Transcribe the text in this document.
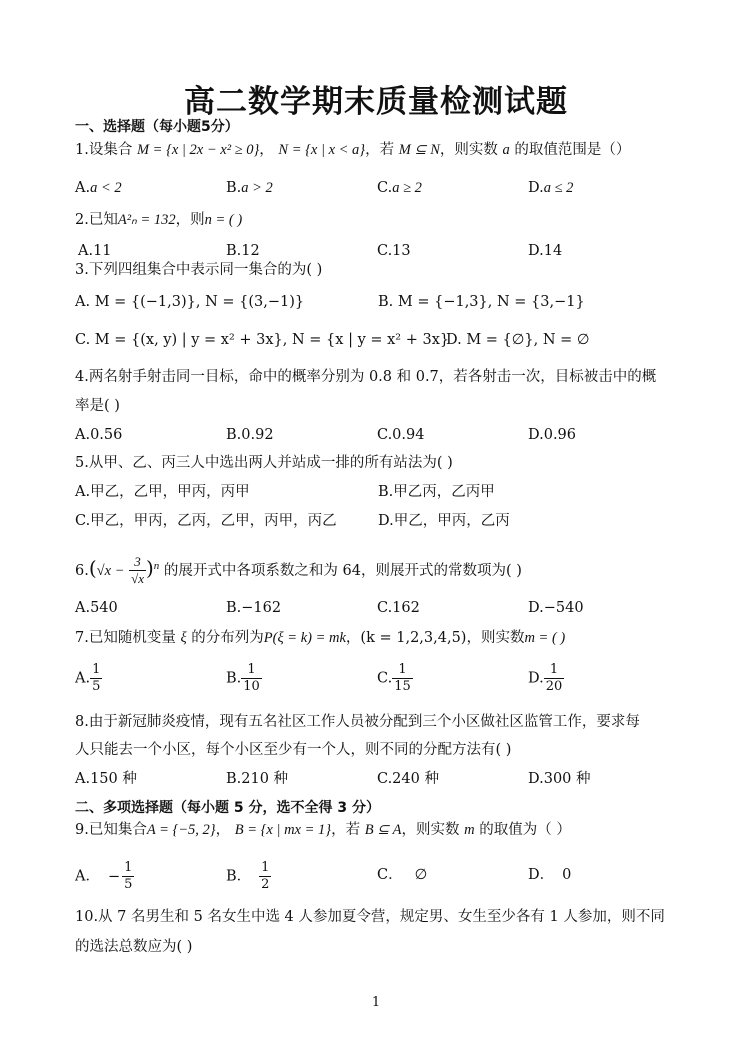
高二数学期末质量检测试题
一、选择题（每小题5分）
1.设集合 M = {x | 2x − x² ≥ 0}， N = {x | x < a}，若 M ⊆ N，则实数 a 的取值范围是（）
A.a < 2	B.a > 2	C.a ≥ 2	D.a ≤ 2
2.已知A²ₙ = 132，则n = ( )
A.11	B.12	C.13	D.14
3.下列四组集合中表示同一集合的为( )
A. M = {(−1,3)}, N = {(3,−1)}	B. M = {−1,3}, N = {3,−1}
C. M = {(x, y) | y = x² + 3x}, N = {x | y = x² + 3x}
D. M = {∅}, N = ∅
4.两名射手射击同一目标，命中的概率分别为 0.8 和 0.7，若各射击一次，目标被击中的概
率是( )
A.0.56	B.0.92	C.0.94	D.0.96
5.从甲、乙、丙三人中选出两人并站成一排的所有站法为( )
A.甲乙，乙甲，甲丙，丙甲	B.甲乙丙，乙丙甲
C.甲乙，甲丙，乙丙，乙甲，丙甲，丙乙	D.甲乙，甲丙，乙丙
$6.(√x - \frac{3}{√x} )^n$ 的展开式中各项系数之和为 64，则展开式的常数项为( )
A.540	B.−162	C.162	D.−540
7.已知随机变量 ξ 的分布列为P(ξ = k) = mk，(k = 1,2,3,4,5)，则实数m = ( )
A. $\frac{1}{5}$	B. $\frac{1}{10}$	C. $\frac{1}{15}$	D. $\frac{1}{20}$
8.由于新冠肺炎疫情，现有五名社区工作人员被分配到三个小区做社区监管工作，要求每
人只能去一个小区，每个小区至少有一个人，则不同的分配方法有( )
A.150 种	B.210 种	C.240 种	D.300 种
二、多项选择题（每小题 5 分，选不全得 3 分）
9.已知集合A = {−5, 2}， B = {x | mx = 1}，若 B ⊆ A，则实数 m 的取值为（ ）
A． − $\frac{1}{5}$	B． $\frac{1}{2}$	C． ∅	D． 0
10.从 7 名男生和 5 名女生中选 4 人参加夏令营，规定男、女生至少各有 1 人参加，则不同
的选法总数应为( )
1
